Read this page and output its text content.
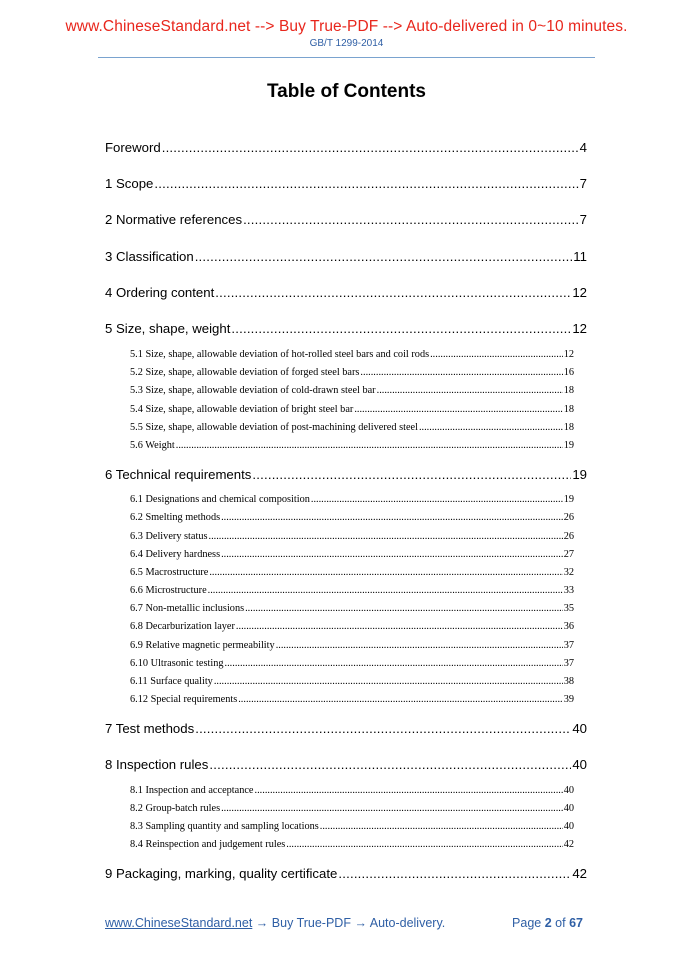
www.ChineseStandard.net --> Buy True-PDF --> Auto-delivered in 0~10 minutes.
GB/T 1299-2014
Table of Contents
Foreword .....	4
1 Scope .....	7
2 Normative references .....	7
3 Classification .....	11
4 Ordering content .....	12
5 Size, shape, weight .....	12
5.1 Size, shape, allowable deviation of hot-rolled steel bars and coil rods .....	12
5.2 Size, shape, allowable deviation of forged steel bars .....	16
5.3 Size, shape, allowable deviation of cold-drawn steel bar .....	18
5.4 Size, shape, allowable deviation of bright steel bar .....	18
5.5 Size, shape, allowable deviation of post-machining delivered steel .....	18
5.6 Weight .....	19
6 Technical requirements .....	19
6.1 Designations and chemical composition .....	19
6.2 Smelting methods .....	26
6.3 Delivery status .....	26
6.4 Delivery hardness .....	27
6.5 Macrostructure .....	32
6.6 Microstructure .....	33
6.7 Non-metallic inclusions .....	35
6.8 Decarburization layer .....	36
6.9 Relative magnetic permeability .....	37
6.10 Ultrasonic testing .....	37
6.11 Surface quality .....	38
6.12 Special requirements .....	39
7 Test methods .....	40
8 Inspection rules .....	40
8.1 Inspection and acceptance .....	40
8.2 Group-batch rules .....	40
8.3 Sampling quantity and sampling locations .....	40
8.4 Reinspection and judgement rules .....	42
9 Packaging, marking, quality certificate .....	42
www.ChineseStandard.net → Buy True-PDF → Auto-delivery.	Page 2 of 67
